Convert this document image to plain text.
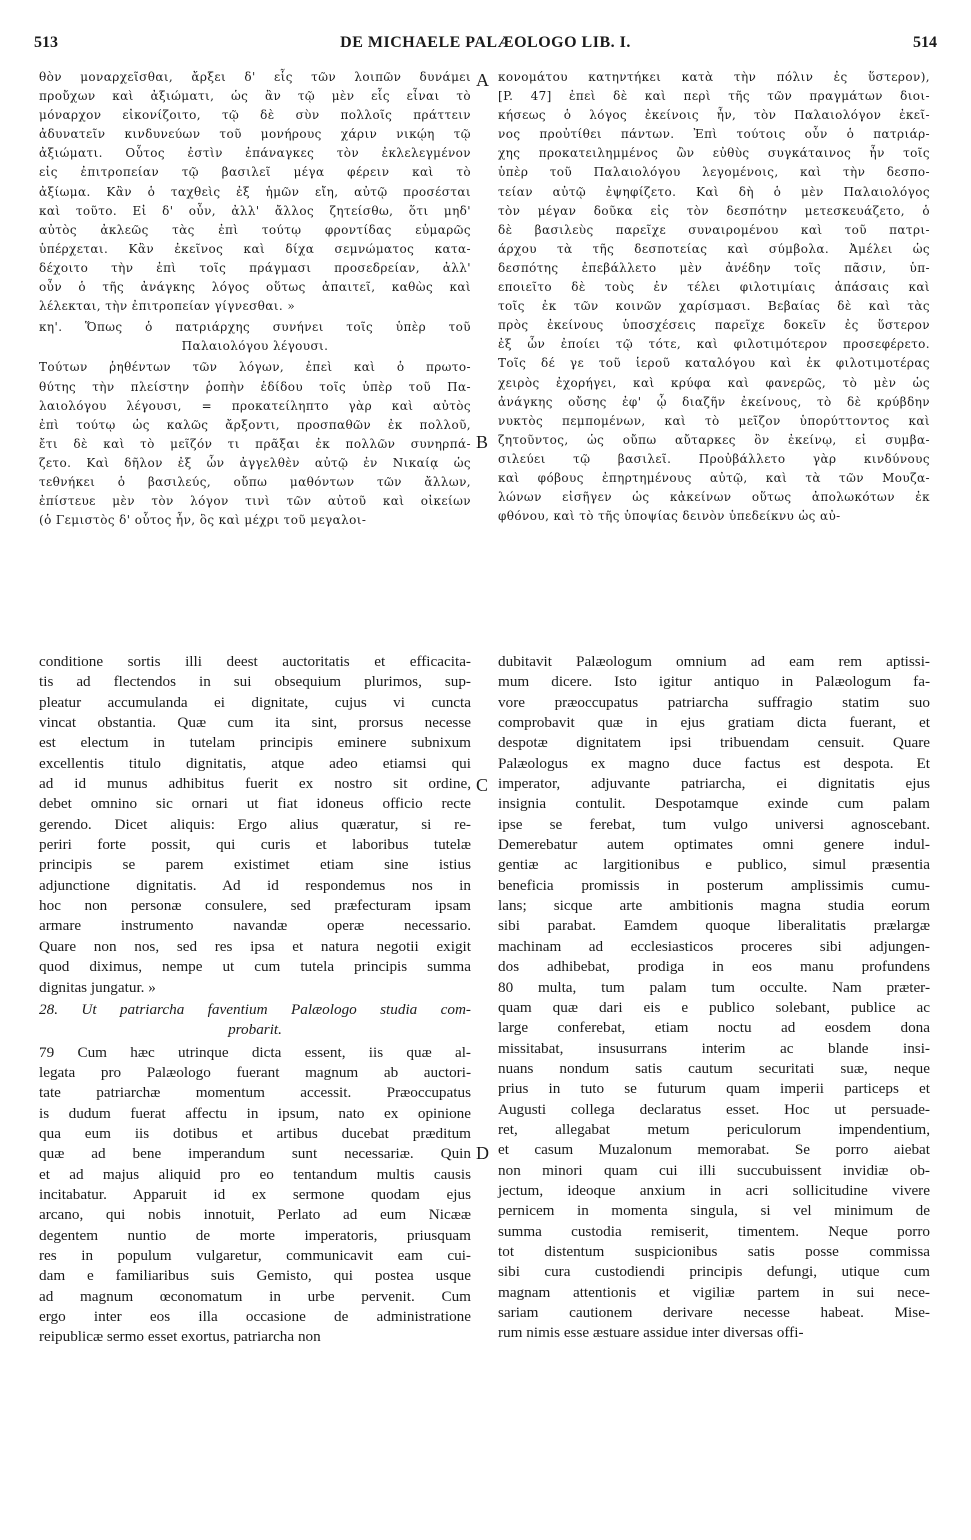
513	DE MICHAELE PALÆOLOGO LIB. I.	514
A
B
C
D
θὸν μοναρχεῖσθαι, ἄρξει δ' εἷς τῶν λοιπῶν δυνάμει
προὔχων καὶ ἀξιώματι, ὡς ἂν τῷ μὲν εἷς εἶναι τὸ
μόναρχον εἰκονίζοιτο, τῷ δὲ σὺν πολλοῖς πράττειν
ἀδυνατεῖν κινδυνεύων τοῦ μονήρους χάριν νικῴη τῷ
ἀξιώματι. Οὗτος ἐστὶν ἐπάναγκες τὸν ἐκλελεγμένον
εἰς ἐπιτροπείαν τῷ βασιλεῖ μέγα φέρειν καὶ τὸ
ἀξίωμα. Κἂν ὁ ταχθεὶς ἐξ ἡμῶν εἴη, αὐτῷ προσέσται
καὶ τοῦτο. Εἰ δ' οὖν, ἀλλ' ἄλλος ζητείσθω, ὅτι μηδ'
αὐτὸς ἀκλεῶς τὰς ἐπὶ τούτῳ φροντίδας εὐμαρῶς
ὑπέρχεται. Κἂν ἐκεῖνος καὶ δίχα σεμνώματος κατα-
δέχοιτο τὴν ἐπὶ τοῖς πράγμασι προσεδρείαν, ἀλλ'
οὖν ὁ τῆς ἀνάγκης λόγος οὕτως ἀπαιτεῖ, καθὼς καὶ
λέλεκται, τὴν ἐπιτροπείαν γίγνεσθαι. »
κη'. Ὅπως ὁ πατριάρχης συνήνει τοῖς ὑπὲρ τοῦ
Παλαιολόγου λέγουσι.
Τούτων ῥηθέντων τῶν λόγων, ἐπεὶ καὶ ὁ πρωτο-
θύτης τὴν πλείστην ῥοπὴν ἐδίδου τοῖς ὑπὲρ τοῦ Πα-
λαιολόγου λέγουσι, = προκατείληπτο γὰρ καὶ αὐτὸς
ἐπὶ τούτῳ ὡς καλῶς ἄρξοντι, προσπαθῶν ἐκ πολλοῦ,
ἔτι δὲ καὶ τὸ μεῖζόν τι πρᾶξαι ἐκ πολλῶν συνηρπά-
ζετο. Καὶ δῆλον ἐξ ὧν ἀγγελθὲν αὐτῷ ἐν Νικαίᾳ ὡς
τεθνήκει ὁ βασιλεύς, οὔπω μαθόντων τῶν ἄλλων,
ἐπίστευε μὲν τὸν λόγον τινὶ τῶν αὐτοῦ καὶ οἰκείων
(ὁ Γεμιστὸς δ' οὗτος ἦν, ὃς καὶ μέχρι τοῦ μεγαλοι-
κονομάτου κατηντήκει κατὰ τὴν πόλιν ἐς ὕστερον),
[P. 47] ἐπεὶ δὲ καὶ περὶ τῆς τῶν πραγμάτων διοι-
κήσεως ὁ λόγος ἐκείνοις ἦν, τὸν Παλαιολόγον ἐκεῖ-
νος προὐτίθει πάντων. Ἐπὶ τούτοις οὖν ὁ πατριάρ-
χης προκατειλημμένος ὢν εὐθὺς συγκάταινος ἦν τοῖς
ὑπὲρ τοῦ Παλαιολόγου λεγομένοις, καὶ τὴν δεσπο-
τείαν αὐτῷ ἐψηφίζετο. Καὶ δὴ ὁ μὲν Παλαιολόγος
τὸν μέγαν δοῦκα εἰς τὸν δεσπότην μετεσκευάζετο, ὁ
δὲ βασιλεὺς παρεῖχε συναιρομένου καὶ τοῦ πατρι-
άρχου τὰ τῆς δεσποτείας καὶ σύμβολα. Ἀμέλει ὡς
δεσπότης ἐπεβάλλετο μὲν ἀνέδην τοῖς πᾶσιν, ὑπ-
εποιεῖτο δὲ τοὺς ἐν τέλει φιλοτιμίαις ἁπάσαις καὶ
τοῖς ἐκ τῶν κοινῶν χαρίσμασι. Βεβαίας δὲ καὶ τὰς
πρὸς ἐκείνους ὑποσχέσεις παρεῖχε δοκεῖν ἐς ὕστερον
ἐξ ὧν ἐποίει τῷ τότε, καὶ φιλοτιμότερον προσεφέρετο.
Τοῖς δέ γε τοῦ ἱεροῦ καταλόγου καὶ ἐκ φιλοτιμοτέρας
χειρὸς ἐχορήγει, καὶ κρύφα καὶ φανερῶς, τὸ μὲν ὡς
ἀνάγκης οὔσης ἐφ' ᾧ διαζῆν ἐκείνους, τὸ δὲ κρύβδην
νυκτὸς πεμπομένων, καὶ τὸ μεῖζον ὑπορύττοντος καὶ
ζητοῦντος, ὡς οὔπω αὔταρκες ὂν ἐκείνῳ, εἰ συμβα-
σιλεύει τῷ βασιλεῖ. Προὐβάλλετο γὰρ κινδύνους
καὶ φόβους ἐπηρτημένους αὐτῷ, καὶ τὰ τῶν Μουζα-
λώνων εἰσῆγεν ὡς κἀκείνων οὕτως ἀπολωκότων ἐκ
φθόνου, καὶ τὸ τῆς ὑποψίας δεινὸν ὑπεδείκνυ ὡς αὐ-
conditione sortis illi deest auctoritatis et efficacita-
tis ad flectendos in sui obsequium plurimos, sup-
pleatur accumulanda ei dignitate, cujus vi cuncta
vincat obstantia. Quæ cum ita sint, prorsus necesse
est electum in tutelam principis eminere subnixum
excellentis titulo dignitatis, atque adeo etiamsi qui
ad id munus adhibitus fuerit ex nostro sit ordine,
debet omnino sic ornari ut fiat idoneus officio recte
gerendo. Dicet aliquis: Ergo alius quæratur, si re-
periri forte possit, qui curis et laboribus tutelæ
principis se parem existimet etiam sine istius
adjunctione dignitatis. Ad id respondemus nos in
hoc non personæ consulere, sed præfecturam ipsam
armare instrumento navandæ operæ necessario.
Quare non nos, sed res ipsa et natura negotii exigit
quod diximus, nempe ut cum tutela principis summa
dignitas jungatur. »
28. Ut patriarcha faventium Palæologo studia com-
probarit.
79 Cum hæc utrinque dicta essent, iis quæ al-
legata pro Palæologo fuerant magnum ab auctori-
tate patriarchæ momentum accessit. Præoccupatus
is dudum fuerat affectu in ipsum, nato ex opinione
qua eum iis dotibus et artibus ducebat præditum
quæ ad bene imperandum sunt necessariæ. Quin
et ad majus aliquid pro eo tentandum multis causis
incitabatur. Apparuit id ex sermone quodam ejus
arcano, qui nobis innotuit, Perlato ad eum Nicææ
degentem nuntio de morte imperatoris, priusquam
res in populum vulgaretur, communicavit eam cui-
dam e familiaribus suis Gemisto, qui postea usque
ad magnum œconomatum in urbe pervenit. Cum
ergo inter eos illa occasione de administratione
reipublicæ sermo esset exortus, patriarcha non
dubitavit Palæologum omnium ad eam rem aptissi-
mum dicere. Isto igitur antiquo in Palæologum fa-
vore præoccupatus patriarcha suffragio statim suo
comprobavit quæ in ejus gratiam dicta fuerant, et
despotæ dignitatem ipsi tribuendam censuit. Quare
Palæologus ex magno duce factus est despota. Et
imperator, adjuvante patriarcha, ei dignitatis ejus
insignia contulit. Despotamque exinde cum palam
ipse se ferebat, tum vulgo universi agnoscebant.
Demerebatur autem optimates omni genere indul-
gentiæ ac largitionibus e publico, simul præsentia
beneficia promissis in posterum amplissimis cumu-
lans; sicque arte ambitionis magna studia eorum
sibi parabat. Eamdem quoque liberalitatis prælargæ
machinam ad ecclesiasticos proceres sibi adjungen-
dos adhibebat, prodiga in eos manu profundens
80 multa, tum palam tum occulte. Nam præter-
quam quæ dari eis e publico solebant, publice ac
large conferebat, etiam noctu ad eosdem dona
missitabat, insusurrans interim ac blande insi-
nuans nondum satis cautum securitati suæ, neque
prius in tuto se futurum quam imperii particeps et
Augusti collega declaratus esset. Hoc ut persuade-
ret, allegabat metum periculorum impendentium,
et casum Muzalonum memorabat. Se porro aiebat
non minori quam cui illi succubuissent invidiæ ob-
jectum, ideoque anxium in acri sollicitudine vivere
pernicem in momenta singula, si vel minimum de
summa custodia remiserit, timentem. Neque porro
tot distentum suspicionibus satis posse commissa
sibi cura custodiendi principis defungi, utique cum
magnam attentionis et vigiliæ partem in sui nece-
sariam cautionem derivare necesse habeat. Mise-
rum nimis esse æstuare assidue inter diversas offi-
